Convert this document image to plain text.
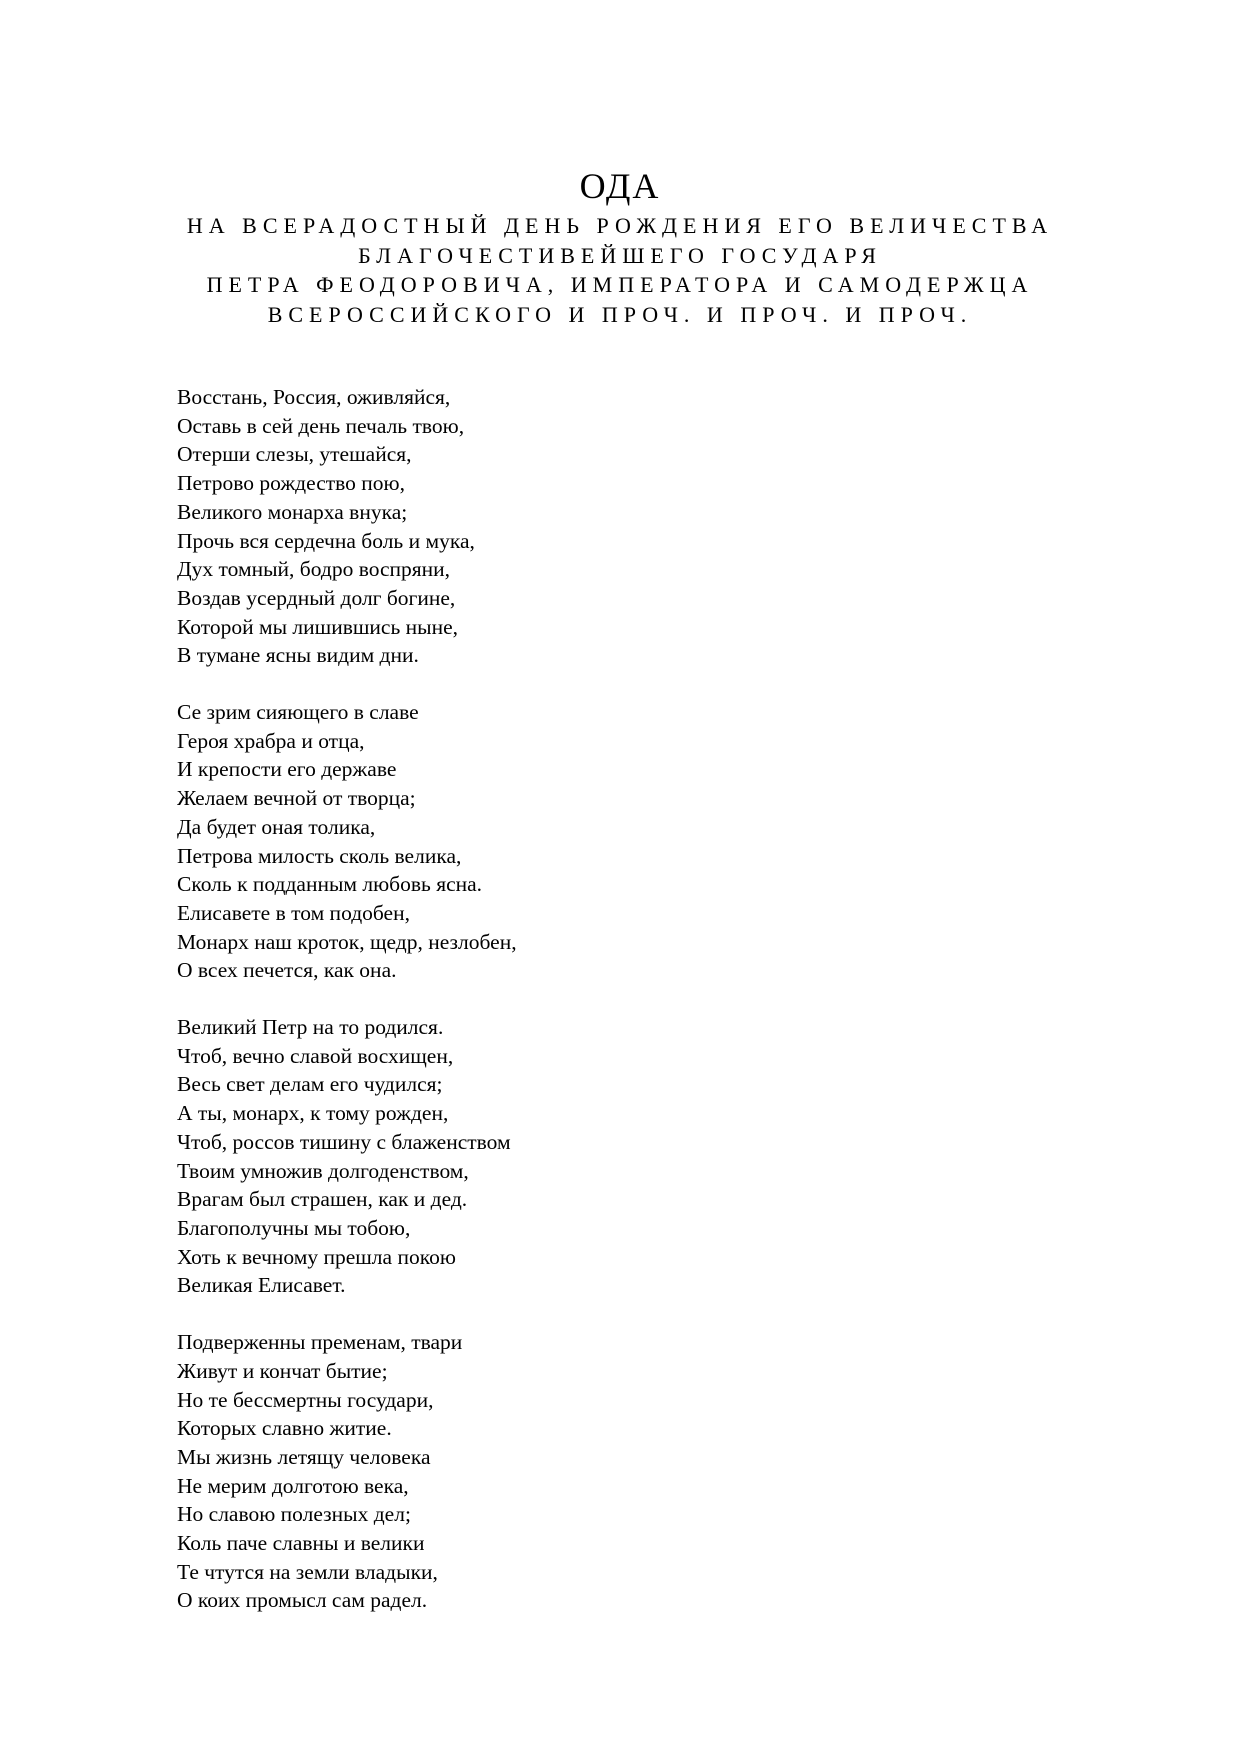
ОДА
НА ВСЕРАДОСТНЫЙ ДЕНЬ РОЖДЕНИЯ ЕГО ВЕЛИЧЕСТВА
БЛАГОЧЕСТИВЕЙШЕГО ГОСУДАРЯ
ПЕТРА ФЕОДОРОВИЧА, ИМПЕРАТОРА И САМОДЕРЖЦА
ВСЕРОССИЙСКОГО И ПРОЧ. И ПРОЧ. И ПРОЧ.
Восстань, Россия, оживляйся,
Оставь в сей день печаль твою,
Отерши слезы, утешайся,
Петрово рождество пою,
Великого монарха внука;
Прочь вся сердечна боль и мука,
Дух томный, бодро воспряни,
Воздав усердный долг богине,
Которой мы лишившись ныне,
В тумане ясны видим дни.
Се зрим сияющего в славе
Героя храбра и отца,
И крепости его державе
Желаем вечной от творца;
Да будет оная толика,
Петрова милость сколь велика,
Сколь к подданным любовь ясна.
Елисавете в том подобен,
Монарх наш кроток, щедр, незлобен,
О всех печется, как она.
Великий Петр на то родился.
Чтоб, вечно славой восхищен,
Весь свет делам его чудился;
А ты, монарх, к тому рожден,
Чтоб, россов тишину с блаженством
Твоим умножив долгоденством,
Врагам был страшен, как и дед.
Благополучны мы тобою,
Хоть к вечному прешла покою
Великая Елисавет.
Подверженны пременам, твари
Живут и кончат бытие;
Но те бессмертны государи,
Которых славно житие.
Мы жизнь летящу человека
Не мерим долготою века,
Но славою полезных дел;
Коль паче славны и велики
Те чтутся на земли владыки,
О коих промысл сам радел.
